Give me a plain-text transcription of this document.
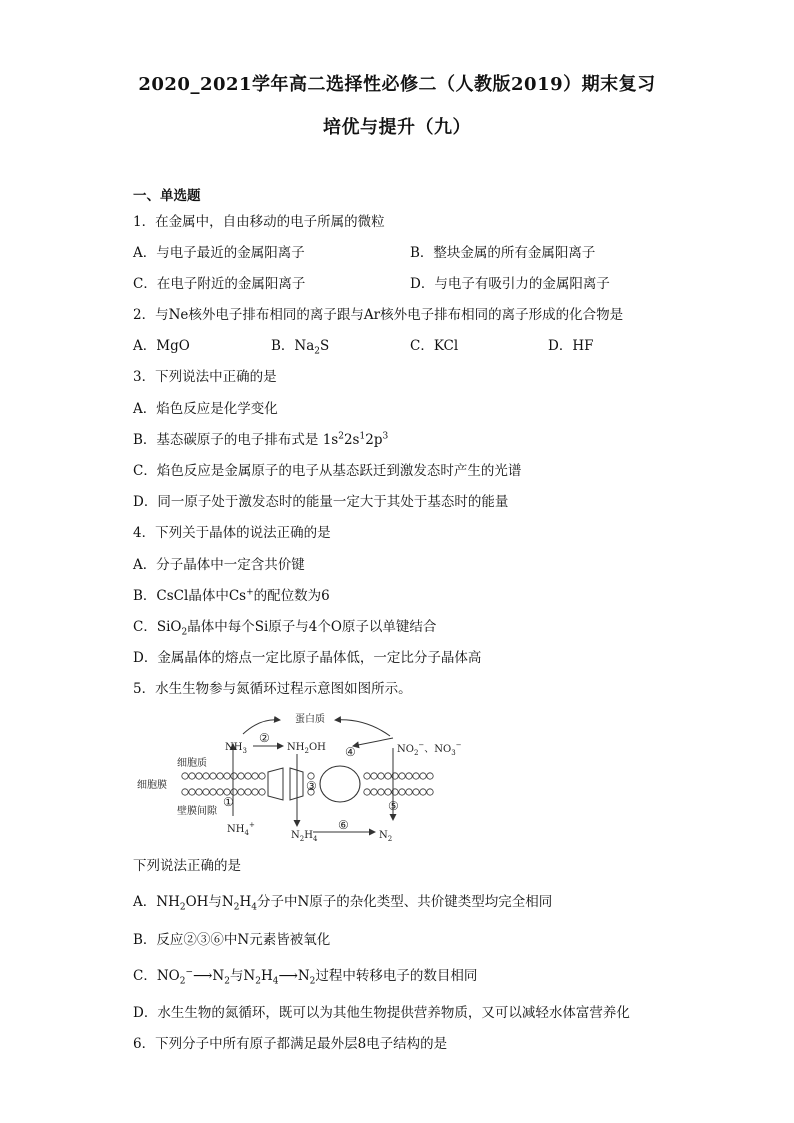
2020_2021学年高二选择性必修二（人教版2019）期末复习
培优与提升（九）
一、单选题
1．在金属中，自由移动的电子所属的微粒
A．与电子最近的金属阳离子	B．整块金属的所有金属阳离子
C．在电子附近的金属阳离子	D．与电子有吸引力的金属阳离子
2．与Ne核外电子排布相同的离子跟与Ar核外电子排布相同的离子形成的化合物是
A．MgO	B．$Na_2S$	C．KCl	D．HF
3．下列说法中正确的是
A．焰色反应是化学变化
B．基态碳原子的电子排布式是 $1s^22s^12p^3$
C．焰色反应是金属原子的电子从基态跃迁到激发态时产生的光谱
D．同一原子处于激发态时的能量一定大于其处于基态时的能量
4．下列关于晶体的说法正确的是
A．分子晶体中一定含共价键
B．CsCl晶体中Cs+的配位数为6
C．SiO$_2$晶体中每个Si原子与4个O原子以单键结合
D．金属晶体的熔点一定比原子晶体低，一定比分子晶体高
5．水生生物参与氮循环过程示意图如图所示。
蛋白质
$NH_3$	$NH_2OH$	$NO_2^-$、$NO_3^-$
细胞质
细胞膜
壁膜间隙
$NH_4^+$
$N_2H_4$	$N_2$
①
②
③
④
⑤
⑥
下列说法正确的是
A．$NH_2OH$与$N_2H_4$分子中N原子的杂化类型、共价键类型均完全相同
B．反应②③⑥中N元素皆被氧化
C．$NO_2^-⟶N_2$与$N_2H_4⟶N_2$过程中转移电子的数目相同
D．水生生物的氮循环，既可以为其他生物提供营养物质，又可以减轻水体富营养化
6．下列分子中所有原子都满足最外层8电子结构的是
